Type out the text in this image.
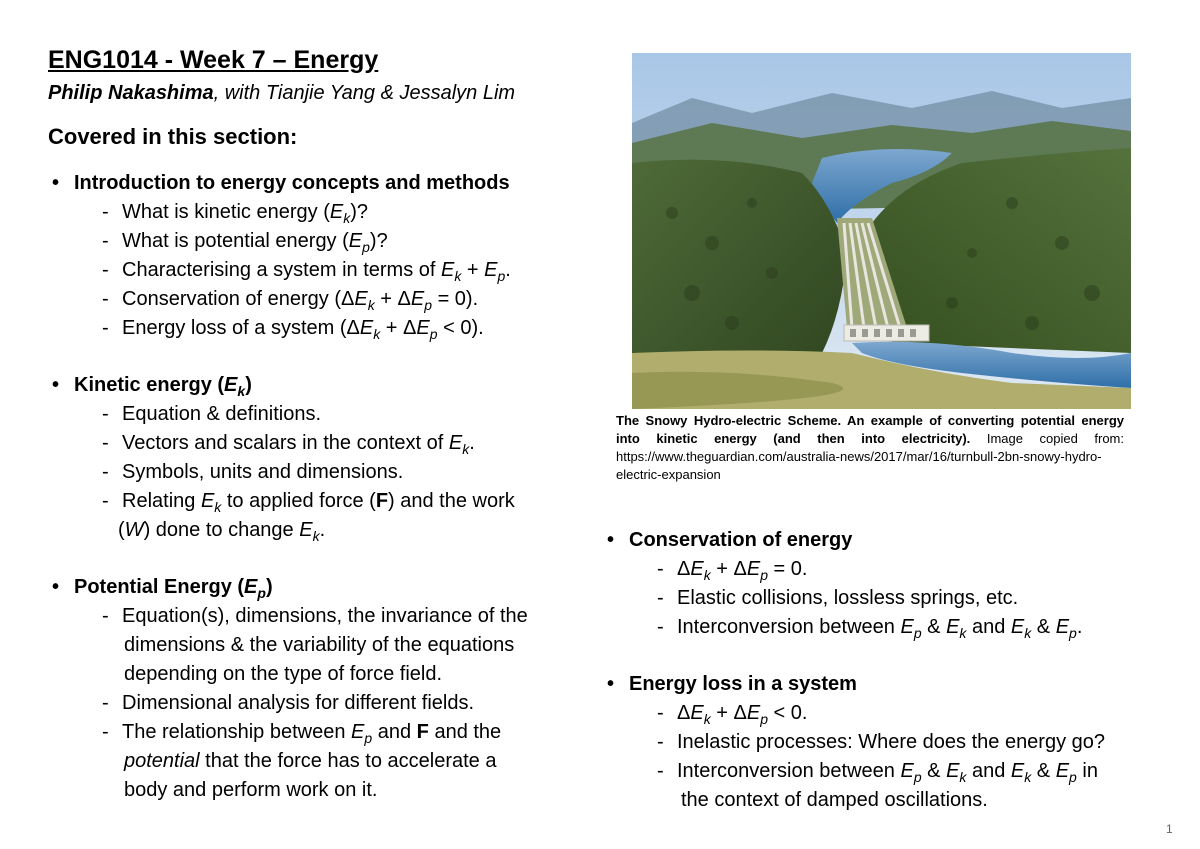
ENG1014 - Week 7 – Energy
Philip Nakashima, with Tianjie Yang & Jessalyn Lim
Covered in this section:
• Introduction to energy concepts and methods
- What is kinetic energy $(E_k)$?
- What is potential energy $(E_p)$?
- Characterising a system in terms of $E_k + E_p$.
- Conservation of energy $(\Delta E_k + \Delta E_p = 0)$.
- Energy loss of a system $(\Delta E_k + \Delta E_p < 0)$.
• Kinetic energy $(E_k)$
- Equation & definitions.
- Vectors and scalars in the context of $E_k$.
- Symbols, units and dimensions.
- Relating $E_k$ to applied force (F) and the work
(W) done to change $E_k$.
• Potential Energy $(E_p)$
- Equation(s), dimensions, the invariance of the
dimensions & the variability of the equations
depending on the type of force field.
- Dimensional analysis for different fields.
- The relationship between $E_p$ and F and the
potential that the force has to accelerate a
body and perform work on it.
The Snowy Hydro-electric Scheme. An example of converting potential energy into kinetic energy (and then into electricity). Image copied from: https://www.theguardian.com/australia-news/2017/mar/16/turnbull-2bn-snowy-hydro-electric-expansion
• Conservation of energy
- $\Delta E_k + \Delta E_p = 0$.
- Elastic collisions, lossless springs, etc.
- Interconversion between $E_p$ & $E_k$ and $E_k$ & $E_p$.
• Energy loss in a system
- $\Delta E_k + \Delta E_p < 0$.
- Inelastic processes: Where does the energy go?
- Interconversion between $E_p$ & $E_k$ and $E_k$ & $E_p$ in
the context of damped oscillations.
1
